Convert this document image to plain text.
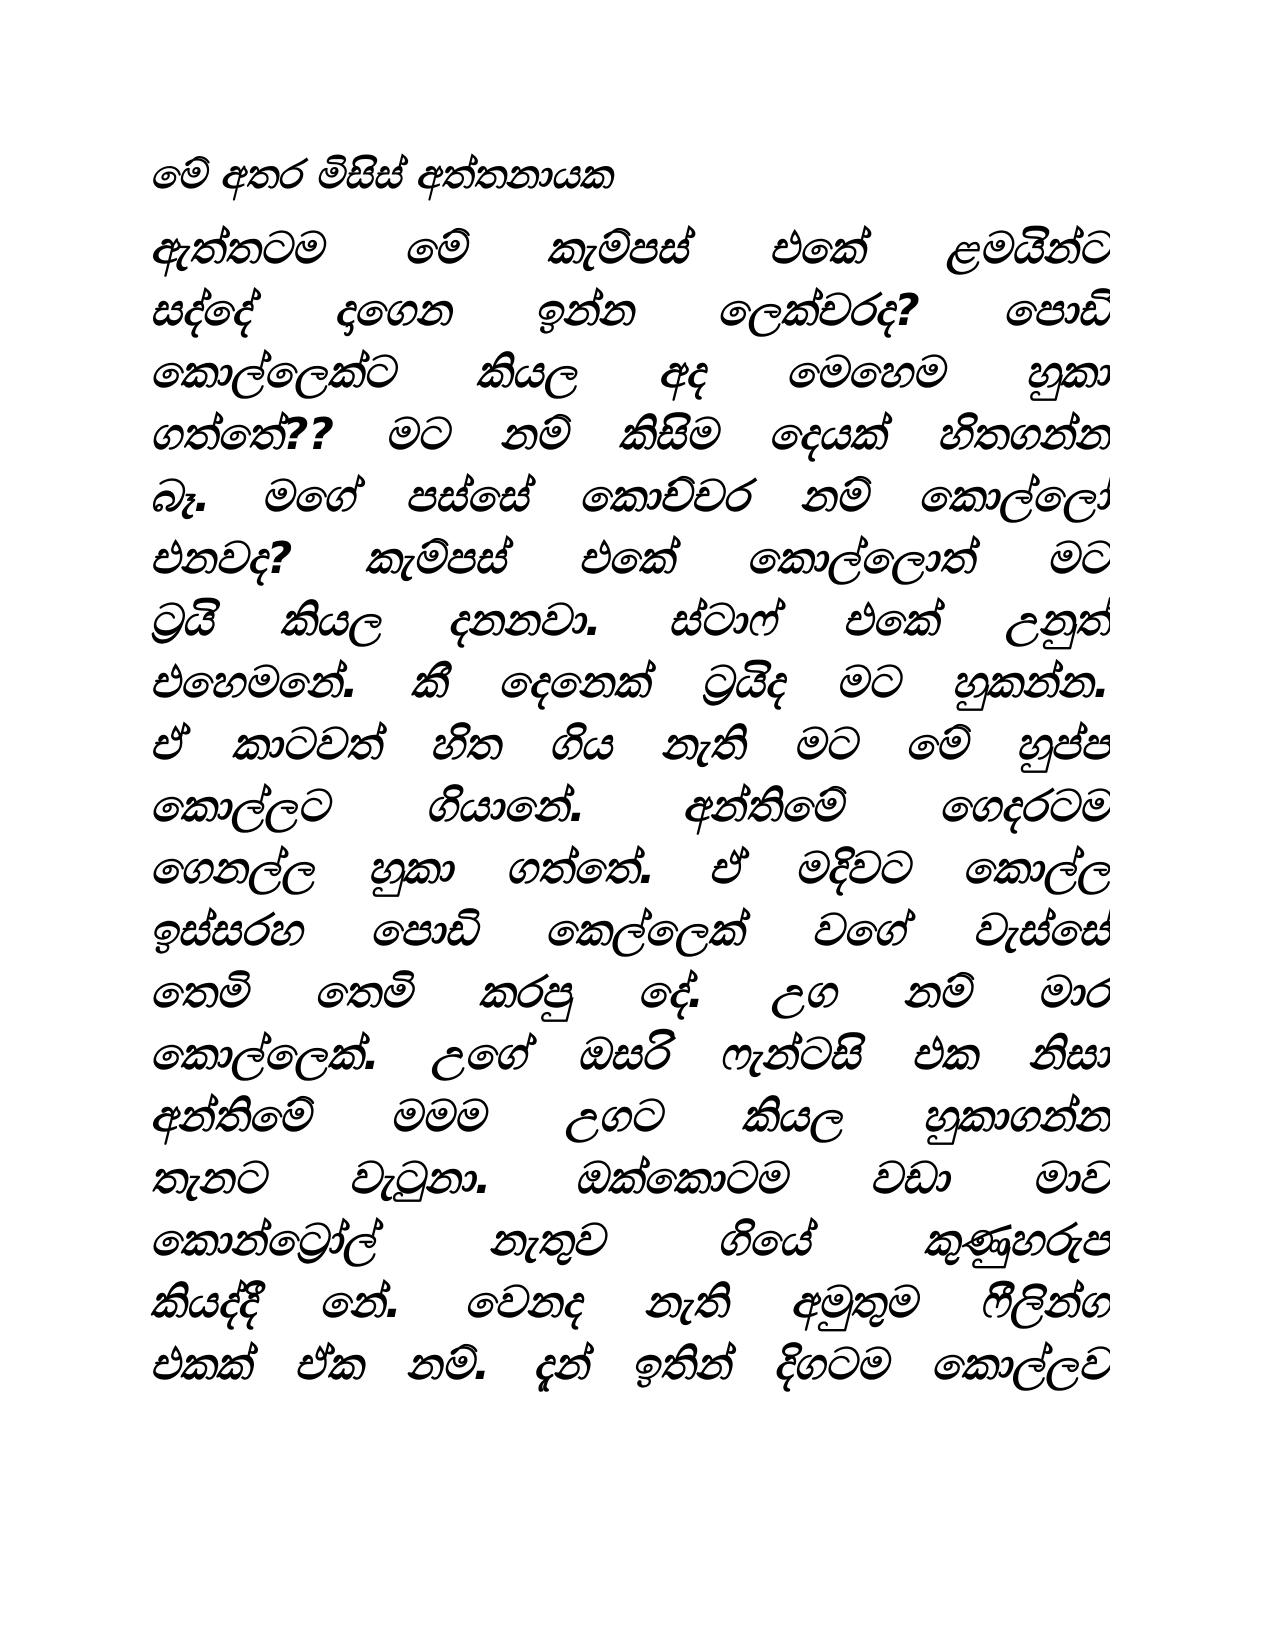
මේ අතර මිසිස් අත්තනායක
ඇත්තටම මේ කැම්පස් එකේ ළමයින්ට
සද්දේ දාගෙන ඉන්න ලෙක්චරද? පොඩි
කොල්ලෙක්ට කියල අද මෙහෙම හුකා
ගත්තේ?? මට නම් කිසිම දෙයක් හිතගන්න
බෑ. මගේ පස්සේ කොච්චර නම් කොල්ලෝ
එනවද? කැම්පස් එකේ කොල්ලොත් මට
ට්‍රයි කියල දනනවා. ස්ටාෆ් එකේ උනුත්
එහෙමනේ. කී දෙනෙක් ට්‍රයිද මට හුකන්න.
ඒ කාටවත් හිත ගිය නැති මට මේ හුප්ප
කොල්ලට ගියානේ. අන්තිමේ ගෙදරටම
ගෙනල්ල හුකා ගත්තේ. ඒ මදිවට කොල්ල
ඉස්සරහ පොඩි කෙල්ලෙක් වගේ වැස්සේ
තෙමි තෙමි කරපු දේ. උග නම් මාර
කොල්ලෙක්. උගේ ඔසරි ෆැන්ටසි එක නිසා
අන්තිමේ මමම උගට කියල හුකාගන්න
තැනට වැටුනා. ඔක්කොටම වඩා මාව
කොන්ට්‍රෝල් නැතුව ගියේ කුණුහරුප
කියද්දී නේ. වෙනද නැති අමුතුම ෆීලින්ග්
එකක් ඒක නම්. දැන් ඉතින් දිගටම කොල්ලව
